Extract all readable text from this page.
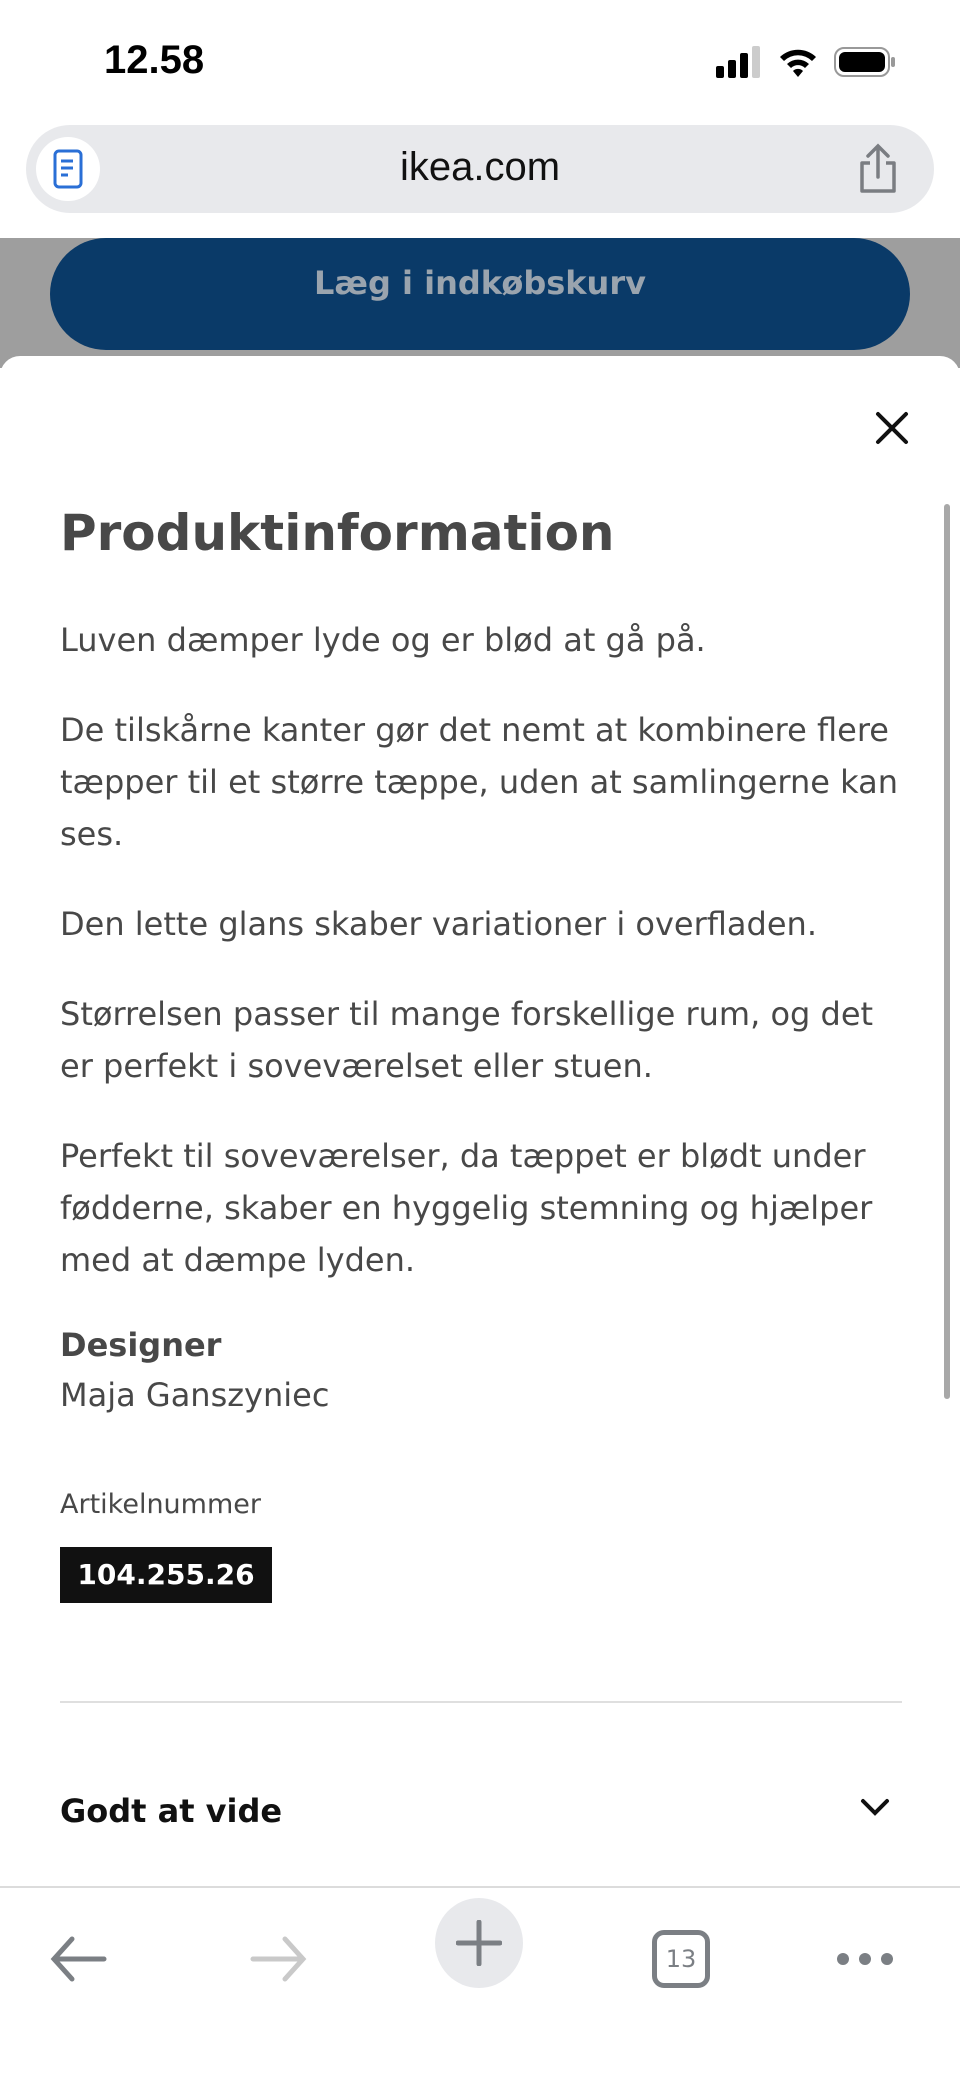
12.58
ikea.com
Læg i indkøbskurv
Produktinformation
Luven dæmper lyde og er blød at gå på.
De tilskårne kanter gør det nemt at kombinere flere tæpper til et større tæppe, uden at samlingerne kan ses.
Den lette glans skaber variationer i overfladen.
Størrelsen passer til mange forskellige rum, og det er perfekt i soveværelset eller stuen.
Perfekt til soveværelser, da tæppet er blødt under fødderne, skaber en hyggelig stemning og hjælper med at dæmpe lyden.
Designer
Maja Ganszyniec
Artikelnummer
104.255.26
Godt at vide
13
